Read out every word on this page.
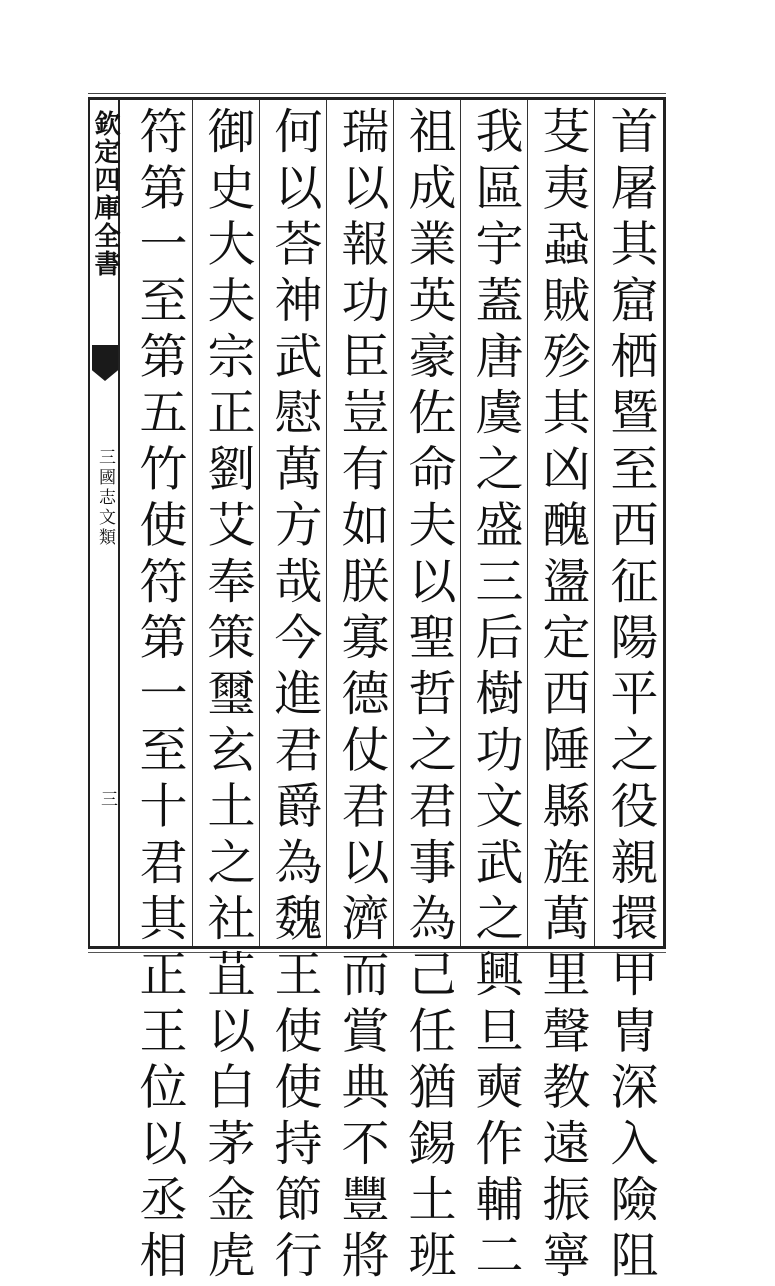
欽定四庫全書
三國志文類
三	首屠其窟栖暨至西征陽平之役親擐甲冑深入險阻
芟夷蝨賊殄其凶醜盪定西陲縣旌萬里聲教遠振寧
我區宇蓋唐虞之盛三后樹功文武之興旦奭作輔二
祖成業英豪佐命夫以聖哲之君事為己任猶錫土班
瑞以報功臣豈有如朕寡德仗君以濟而賞典不豐將
何以荅神武慰萬方哉今進君爵為魏王使使持節行
御史大夫宗正劉艾奉策璽玄土之社苴以白茅金虎
符第一至第五竹使符第一至十君其正王位以丞相
